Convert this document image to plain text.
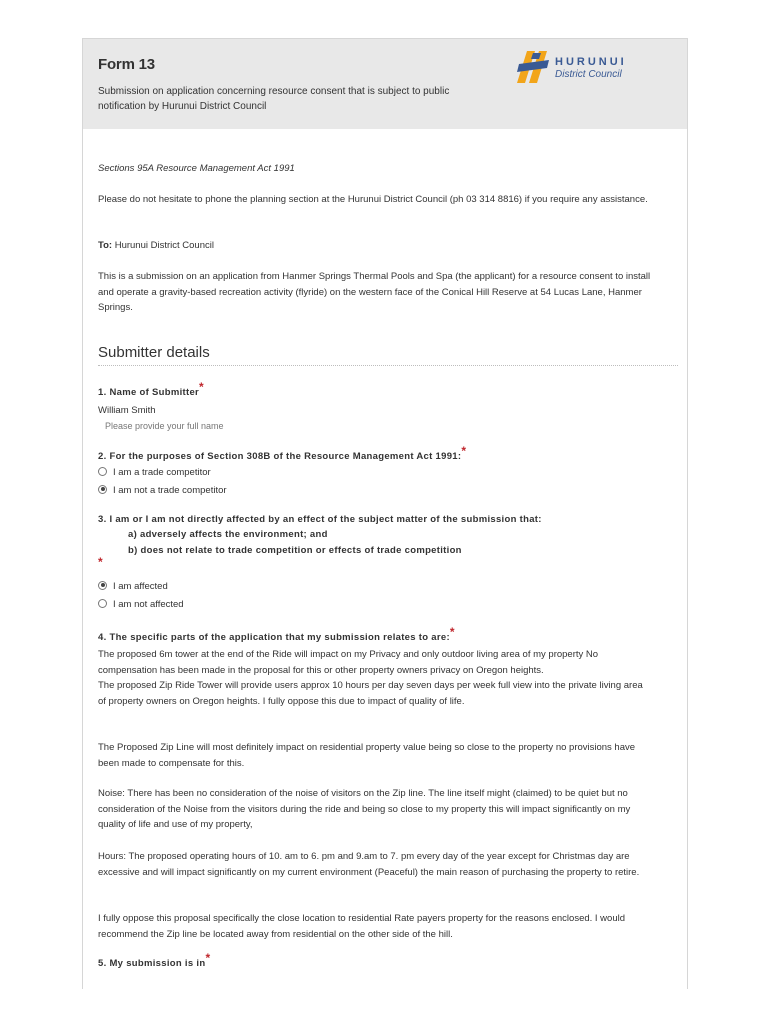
Form 13
Submission on application concerning resource consent that is subject to public notification by Hurunui District Council
HURUNUI
District Council
Sections 95A Resource Management Act 1991
Please do not hesitate to phone the planning section at the Hurunui District Council (ph 03 314 8816) if you require any assistance.
To: Hurunui District Council
This is a submission on an application from Hanmer Springs Thermal Pools and Spa (the applicant) for a resource consent to install and operate a gravity-based recreation activity (flyride) on the western face of the Conical Hill Reserve at 54 Lucas Lane, Hanmer Springs.
Submitter details
1. Name of Submitter*
William Smith
Please provide your full name
2. For the purposes of Section 308B of the Resource Management Act 1991:*
I am a trade competitor
I am not a trade competitor
3. I am or I am not directly affected by an effect of the subject matter of the submission that:
a) adversely affects the environment; and
b) does not relate to trade competition or effects of trade competition
*
I am affected
I am not affected
4. The specific parts of the application that my submission relates to are:*
The proposed 6m tower at the end of the Ride will impact on my Privacy and only outdoor living area of my property No compensation has been made in the proposal for this or other property owners privacy on Oregon heights.
The proposed Zip Ride Tower will provide users approx 10 hours per day seven days per week full view into the private living area of property owners on Oregon heights. I fully oppose this due to impact of quality of life.
The Proposed Zip Line will most definitely impact on residential property value being so close to the property no provisions have been made to compensate for this.
Noise: There has been no consideration of the noise of visitors on the Zip line. The line itself might (claimed) to be quiet but no consideration of the Noise from the visitors during the ride and being so close to my property this will impact significantly on my quality of life and use of my property,
Hours: The proposed operating hours of 10. am to 6. pm and 9.am to 7. pm every day of the year except for Christmas day are excessive and will impact significantly on my current environment (Peaceful) the main reason of purchasing the property to retire.
I fully oppose this proposal specifically the close location to residential Rate payers property for the reasons enclosed. I would recommend the Zip line be located away from residential on the other side of the hill.
5. My submission is in*
